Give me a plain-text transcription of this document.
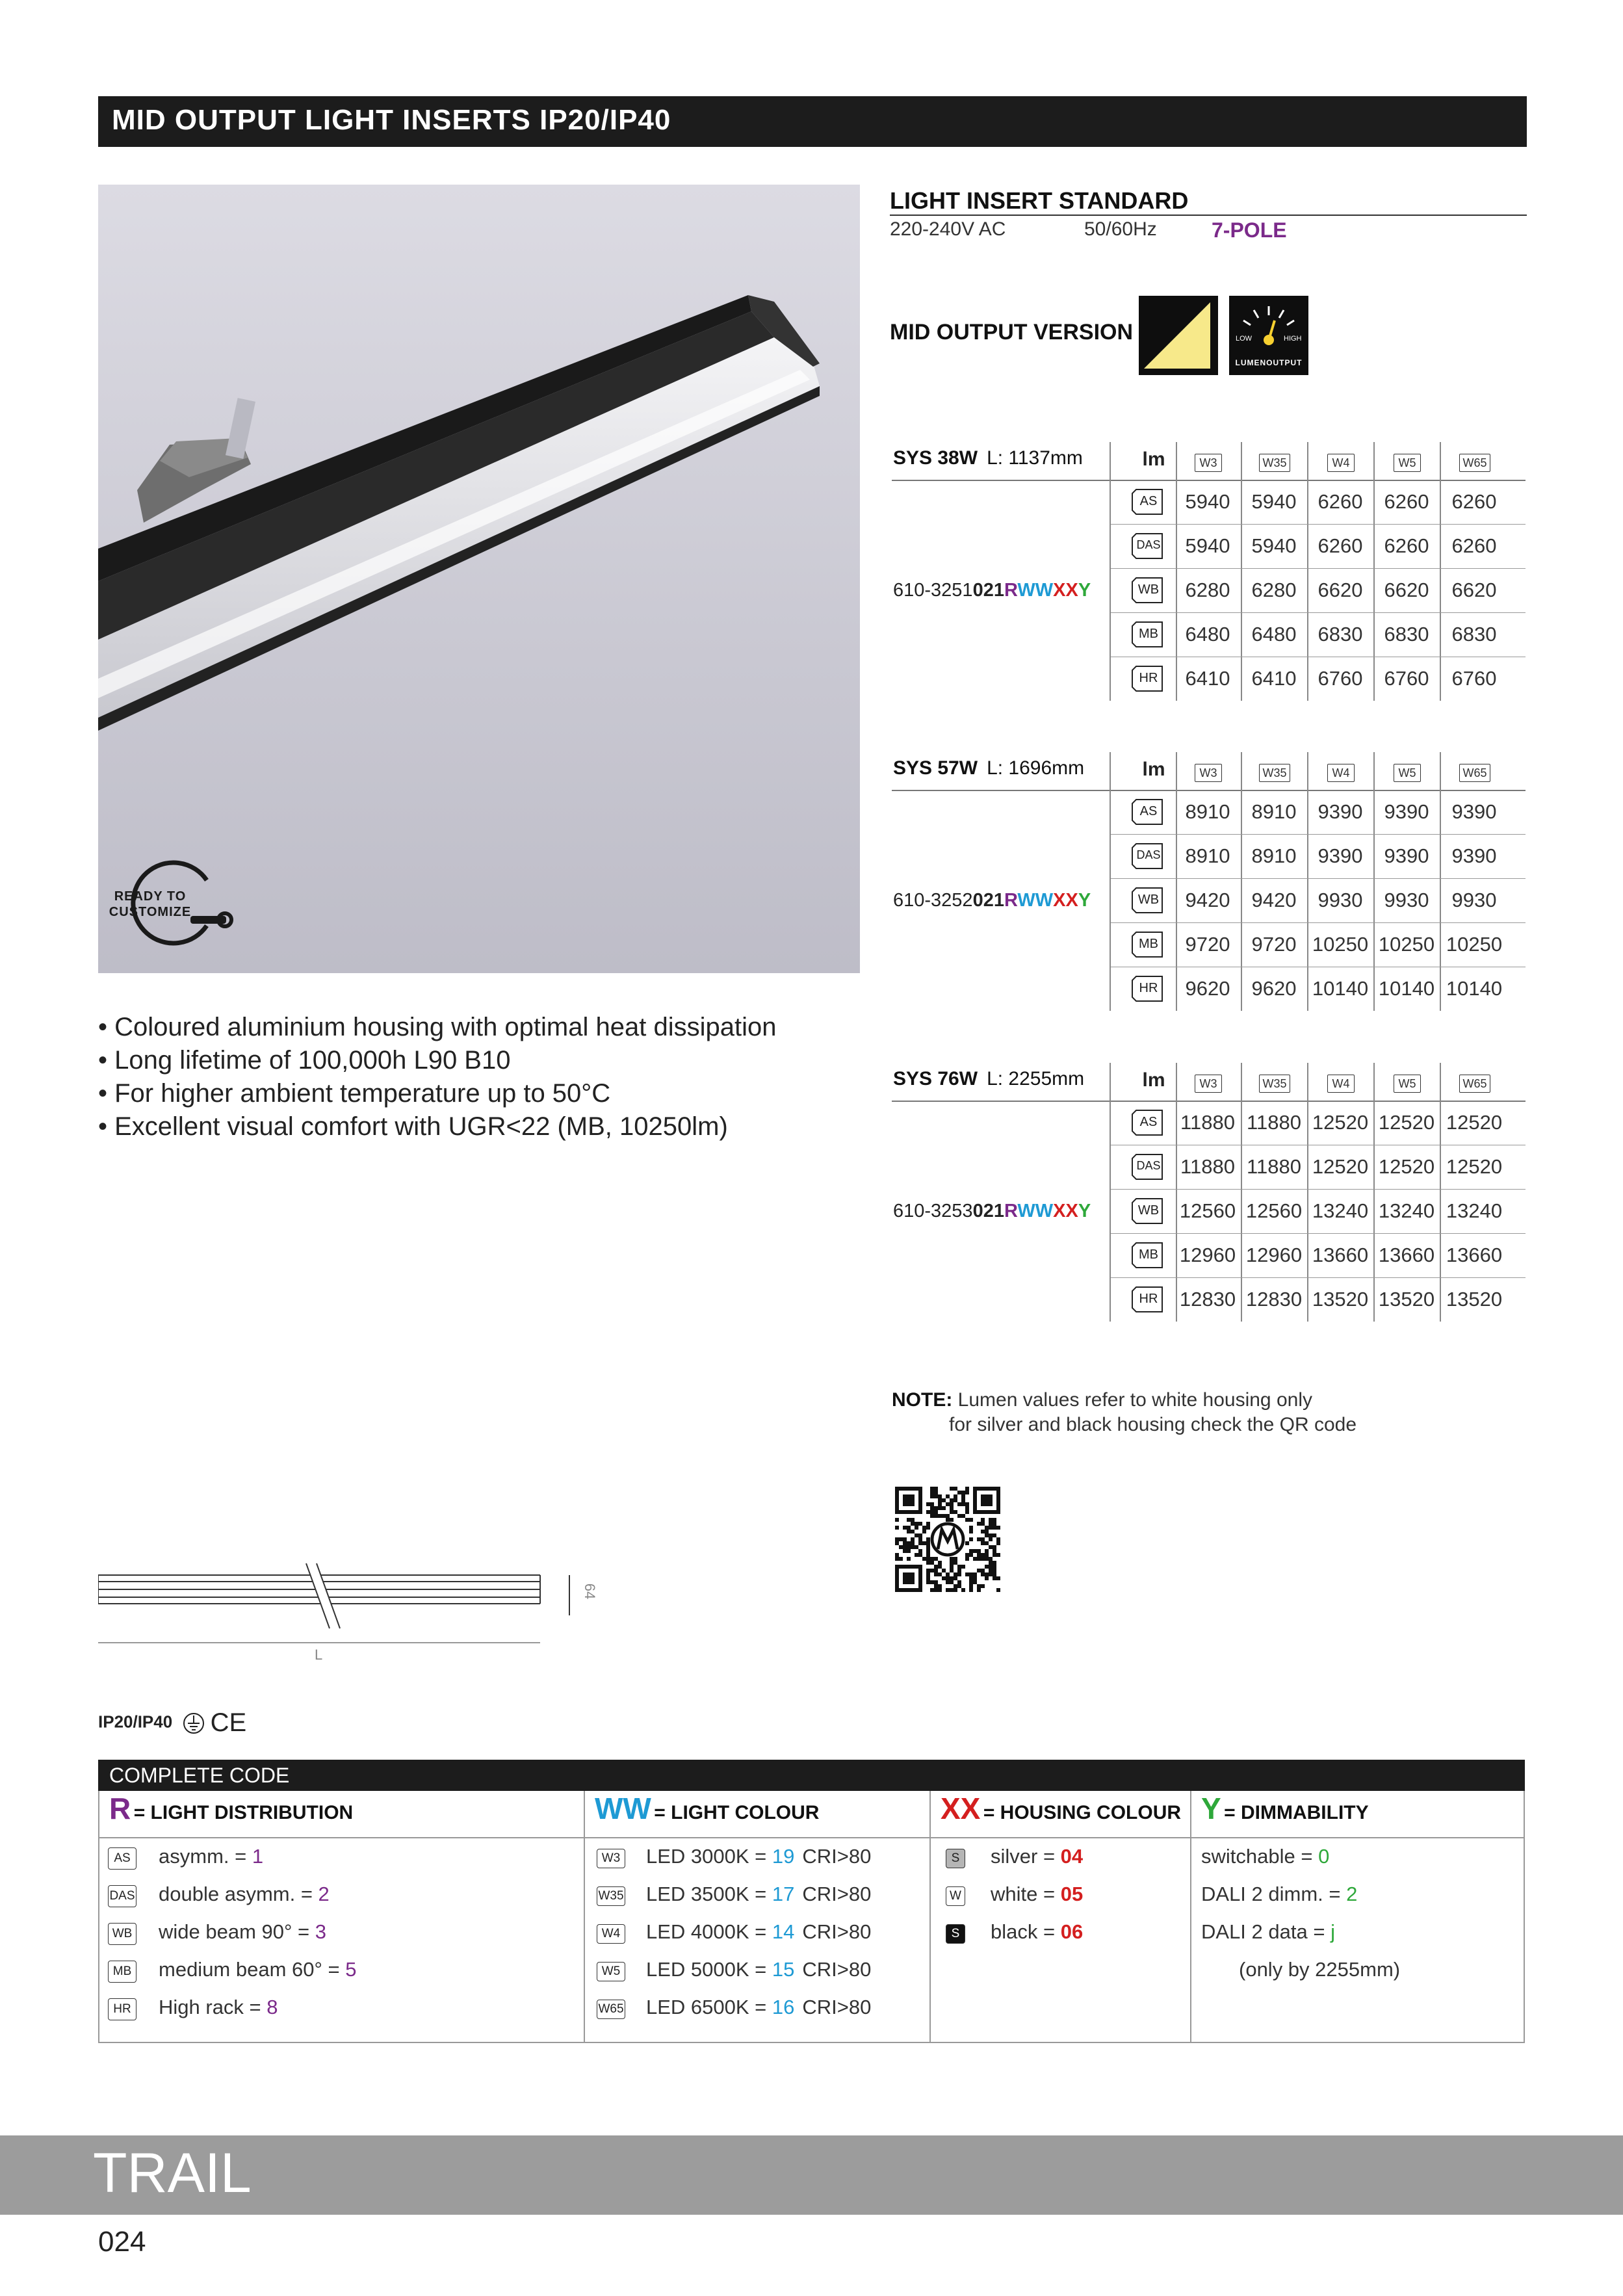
MID OUTPUT LIGHT INSERTS IP20/IP40
READY TO
CUSTOMIZE
• Coloured aluminium housing with optimal heat dissipation
• Long lifetime of 100,000h L90 B10
• For higher ambient temperature up to 50°C
• Excellent visual comfort with UGR<22 (MB, 10250lm)
LIGHT INSERT STANDARD
220-240V AC	50/60Hz	7-POLE
MID OUTPUT VERSION	LOW	HIGH
LUMENOUTPUT
SYS 38W L: 1137mm	lm	W3	W35	W4	W5	W65
AS	5940	5940	6260	6260	6260
DAS	5940	5940	6260	6260	6260
WB	6280	6280	6620	6620	6620
MB	6480	6480	6830	6830	6830
HR	6410	6410	6760	6760	6760
610-3251021RWWXXY
SYS 57W L: 1696mm	lm	W3	W35	W4	W5	W65
AS	8910	8910	9390	9390	9390
DAS	8910	8910	9390	9390	9390
WB	9420	9420	9930	9930	9930
MB	9720	9720 10250 10250 10250
HR	9620	9620 10140 10140 10140
610-3252021RWWXXY
SYS 76W L: 2255mm	lm	W3	W35	W4	W5	W65
AS	11880 11880 12520 12520 12520
DAS 11880 11880 12520 12520 12520
WB 12560 12560 13240 13240 13240
MB 12960 12960 13660 13660 13660
HR 12830 12830 13520 13520 13520
610-3253021RWWXXY
NOTE: Lumen values refer to white housing only
for silver and black housing check the QR code
64
L
IP20/IP40 CE
COMPLETE CODE
R = LIGHT DISTRIBUTION	WW = LIGHT COLOUR	XX = HOUSING COLOUR Y = DIMMABILITY
AS	asymm. = 1
DAS double asymm. = 2
WB wide beam 90° = 3
MB medium beam 60° = 5
HR High rack = 8
W3 LED 3000K = 19 CRI>80
W35 LED 3500K = 17 CRI>80
W4 LED 4000K = 14 CRI>80
W5 LED 5000K = 15 CRI>80
W65 LED 6500K = 16 CRI>80
S silver = 04
W white = 05
S black = 06
switchable = 0
DALI 2 dimm. = 2
DALI 2 data = j
(only by 2255mm)
TRAIL
024
